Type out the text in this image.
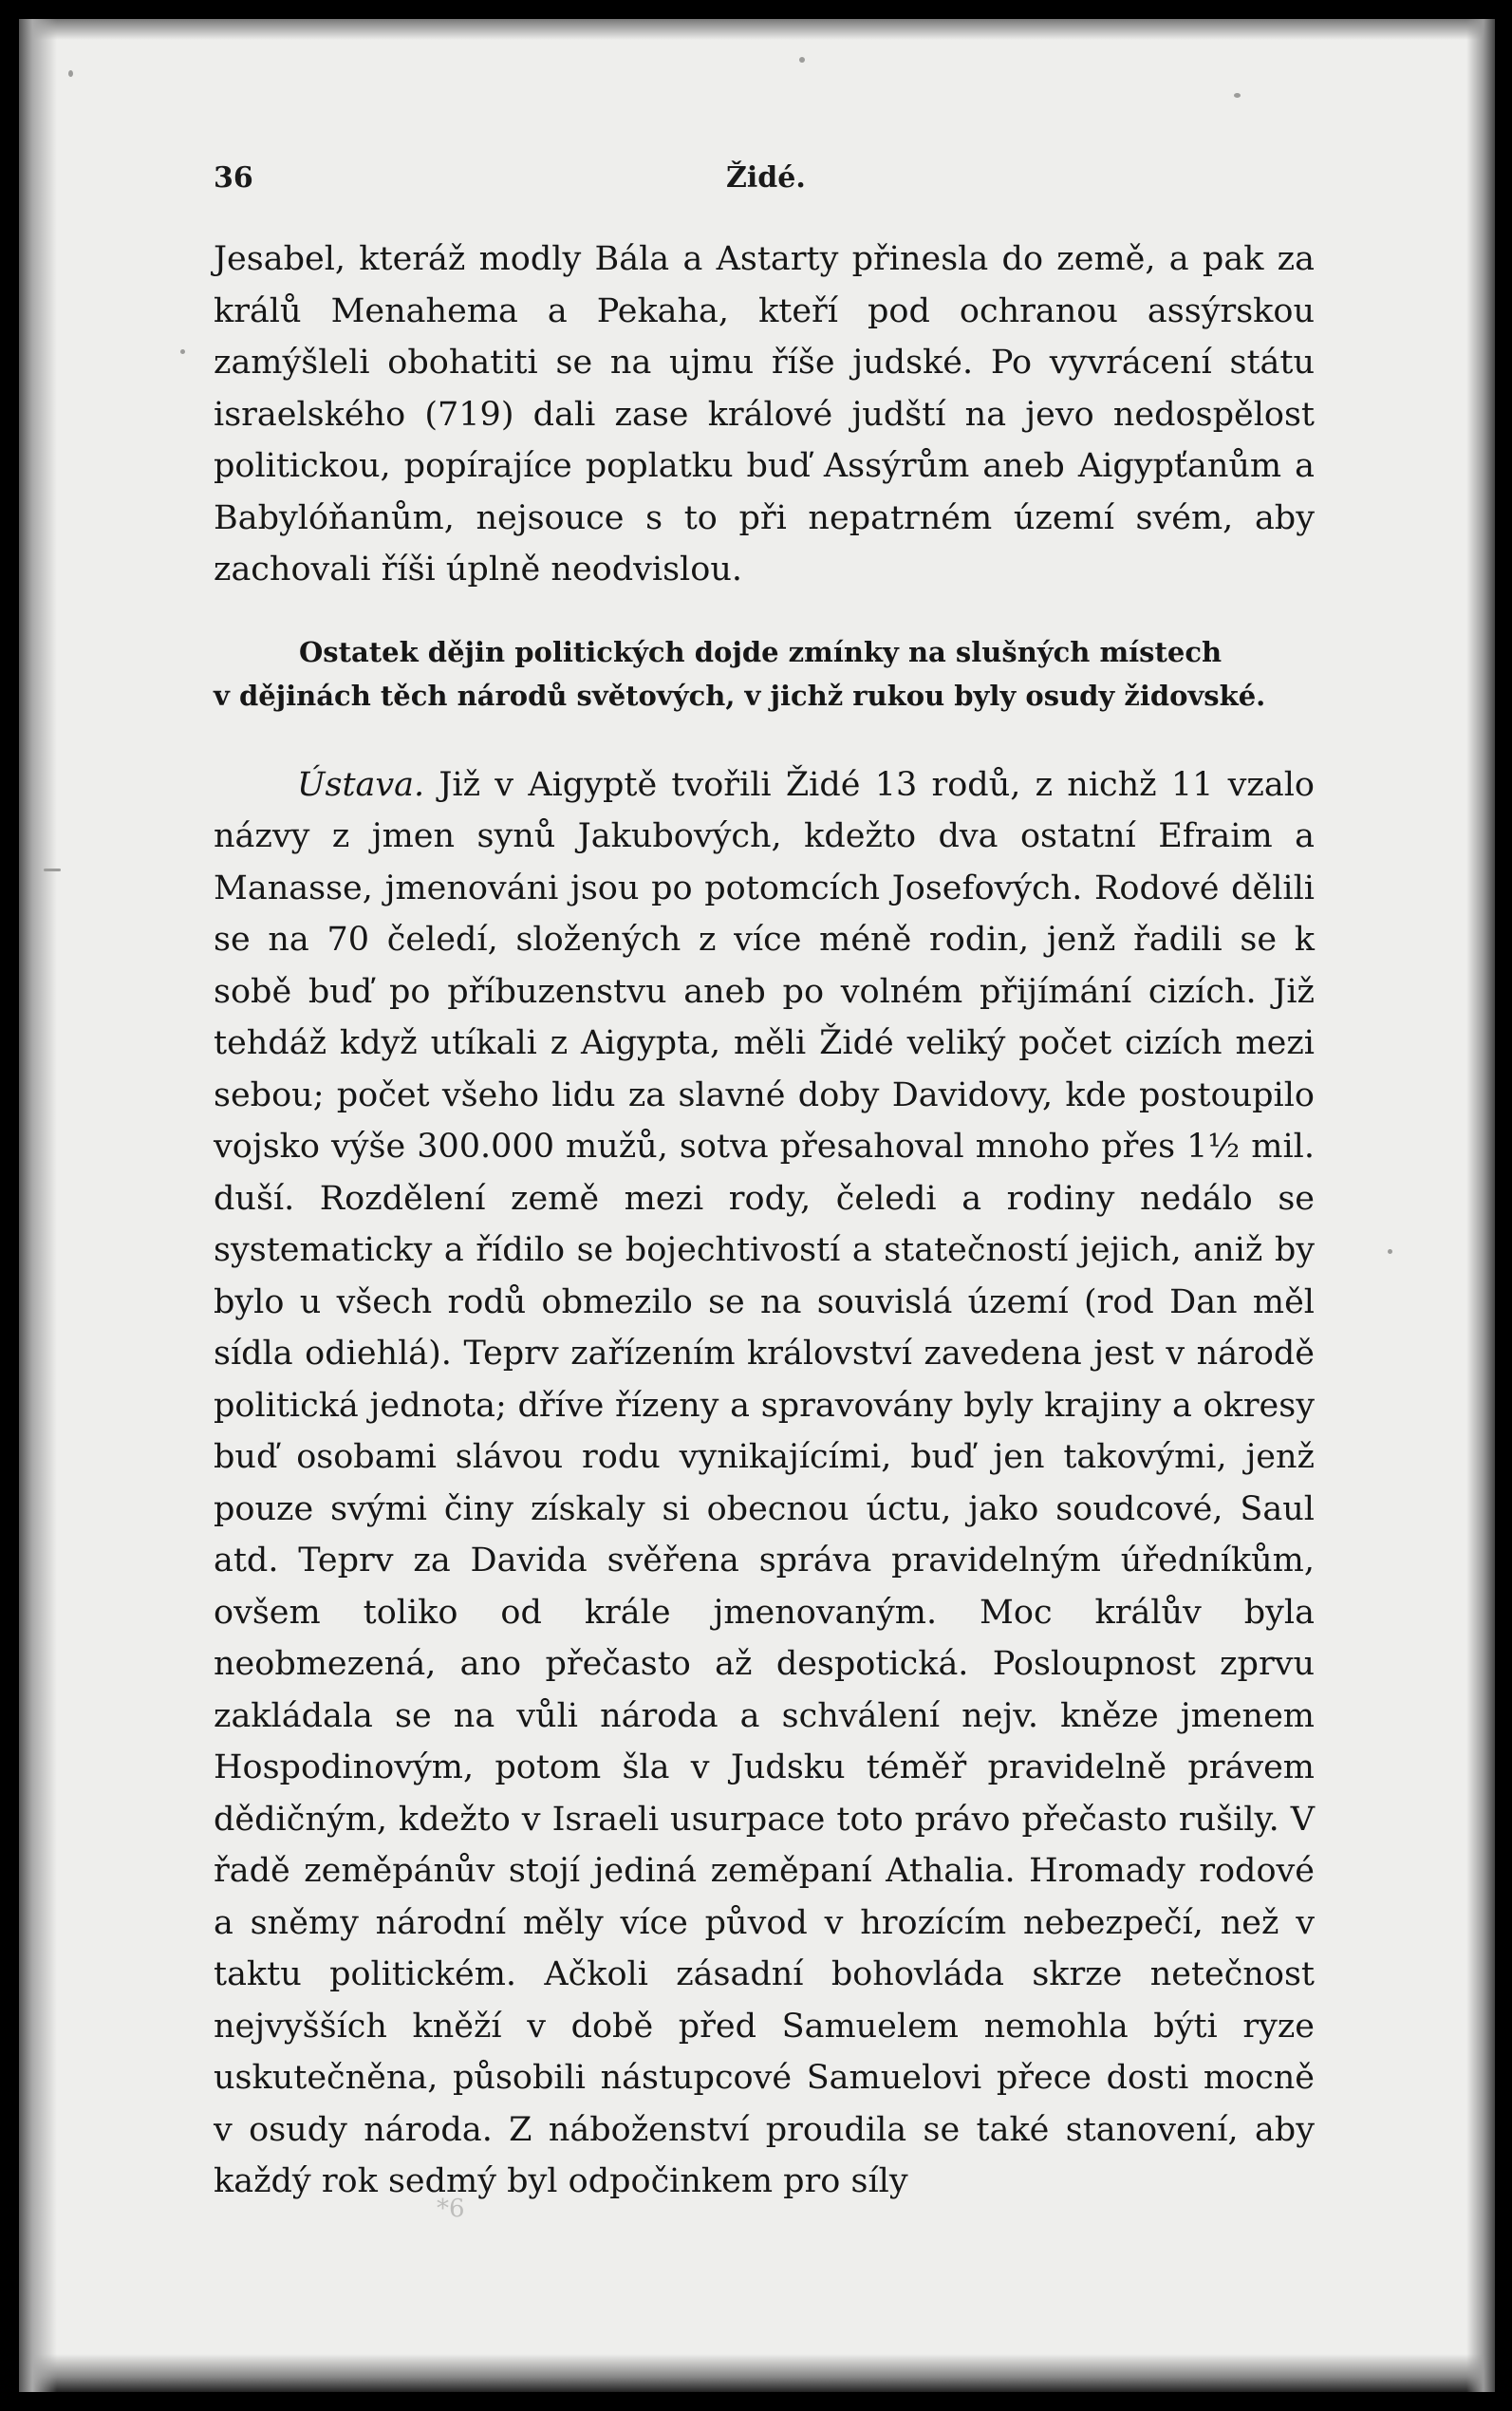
36	Židé.

Jesabel, kteráž modly Bála a Astarty přinesla do země, a pak za králů Menahema a Pekaha, kteří pod ochranou assýrskou zamýšleli obohatiti se na ujmu říše judské. Po vyvrácení státu israelského (719) dali zase králové judští na jevo nedospělost politickou, popírajíce poplatku buď Assýrům aneb Aigypťanům a Babylóňanům, nejsouce s to při nepatrném území svém, aby zachovali říši úplně neodvislou.

Ostatek dějin politických dojde zmínky na slušných místech
v dějinách těch národů světových, v jichž rukou byly osudy židovské.

Ústava. Již v Aigyptě tvořili Židé 13 rodů, z nichž 11 vzalo názvy z jmen synů Jakubových, kdežto dva ostatní Efraim a Manasse, jmenováni jsou po potomcích Josefových. Rodové dělili se na 70 čeledí, složených z více méně rodin, jenž řadili se k sobě buď po příbuzenstvu aneb po volném přijímání cizích. Již tehdáž když utíkali z Aigypta, měli Židé veliký počet cizích mezi sebou; počet všeho lidu za slavné doby Davidovy, kde postoupilo vojsko výše 300.000 mužů, sotva přesahoval mnoho přes 1½ mil. duší. Rozdělení země mezi rody, čeledi a rodiny nedálo se systematicky a řídilo se bojechtivostí a statečností jejich, aniž by bylo u všech rodů obmezilo se na souvislá území (rod Dan měl sídla odiehlá). Teprv zařízením království zavedena jest v národě politická jednota; dříve řízeny a spravovány byly krajiny a okresy buď osobami slávou rodu vynikajícími, buď jen takovými, jenž pouze svými činy získaly si obecnou úctu, jako soudcové, Saul atd. Teprv za Davida svěřena správa pravidelným úředníkům, ovšem toliko od krále jmenovaným. Moc králův byla neobmezená, ano přečasto až despotická. Posloupnost zprvu zakládala se na vůli národa a schválení nejv. kněze jmenem Hospodinovým, potom šla v Judsku téměř pravidelně právem dědičným, kdežto v Israeli usurpace toto právo přečasto rušily. V řadě zeměpánův stojí jediná zeměpaní Athalia. Hromady rodové a sněmy národní měly více původ v hrozícím nebezpečí, než v taktu politickém. Ačkoli zásadní bohovláda skrze netečnost nejvyšších kněží v době před Samuelem nemohla býti ryze uskutečněna, působili nástupcové Samuelovi přece dosti mocně v osudy národa. Z náboženství proudila se také stanovení, aby každý rok sedmý byl odpočinkem pro síly

*6
